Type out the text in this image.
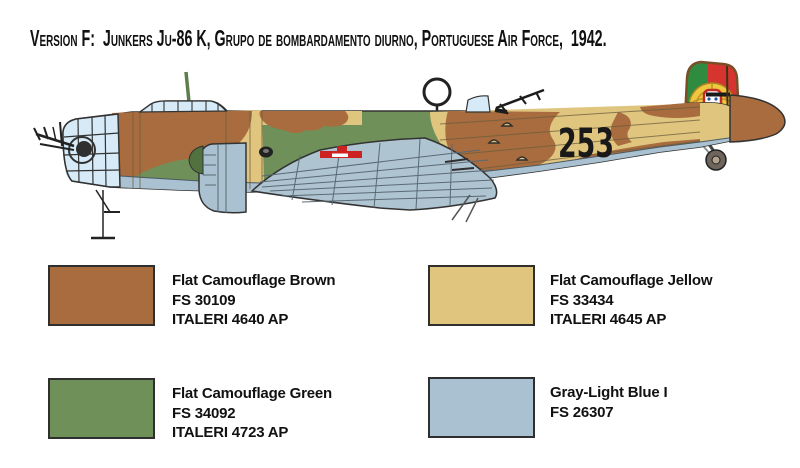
Version F:  Junkers Ju-86 K, Grupo de bombardamento diurno, Portuguese Air Force,  1942.
253
Flat Camouflage Brown
FS 30109
ITALERI 4640 AP
Flat Camouflage Jellow
FS 33434
ITALERI 4645 AP
Flat Camouflage Green
FS 34092
ITALERI 4723 AP
Gray-Light Blue I
FS 26307
